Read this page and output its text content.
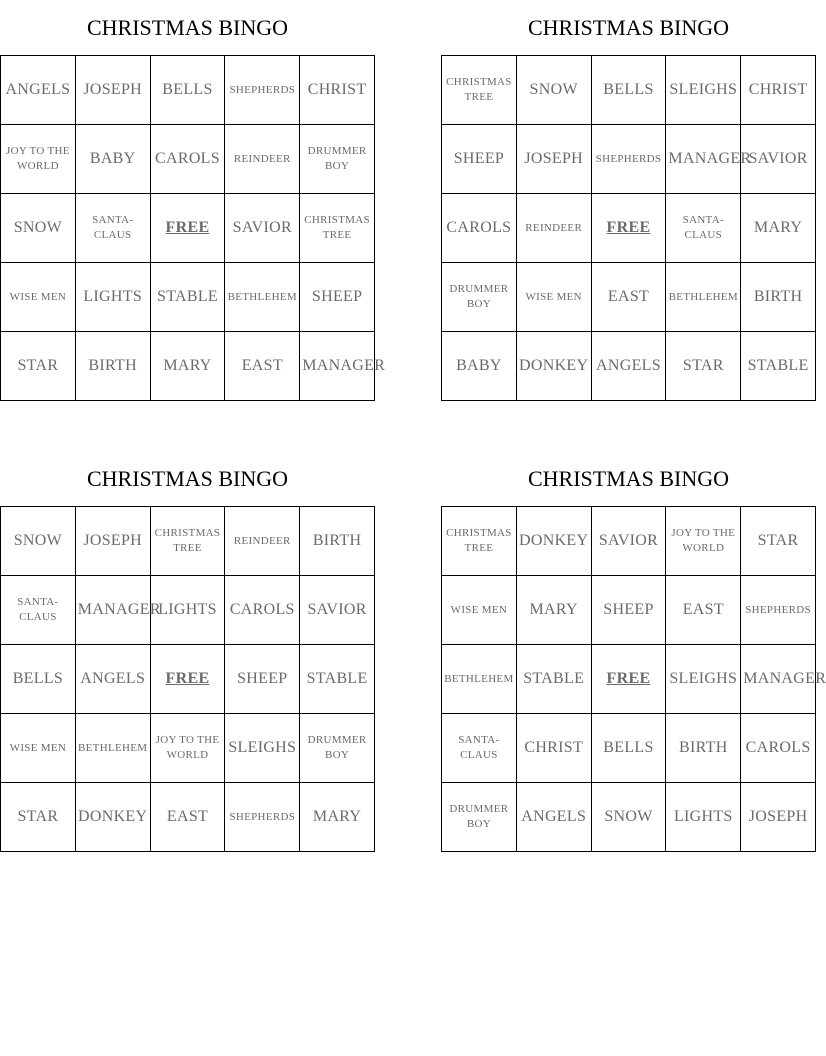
CHRISTMAS BINGO
ANGELS	JOSEPH	BELLS	SHEPHERDS	CHRIST
JOY TO THE WORLD	BABY	CAROLS	REINDEER	DRUMMER BOY
SNOW	SANTA-CLAUS	FREE	SAVIOR	CHRISTMAS TREE
WISE MEN	LIGHTS	STABLE	BETHLEHEM	SHEEP
STAR	BIRTH	MARY	EAST	MANAGER
CHRISTMAS BINGO
CHRISTMAS TREE	SNOW	BELLS	SLEIGHS	CHRIST
SHEEP	JOSEPH	SHEPHERDS	MANAGER	SAVIOR
CAROLS	REINDEER	FREE	SANTA-CLAUS	MARY
DRUMMER BOY	WISE MEN	EAST	BETHLEHEM	BIRTH
BABY	DONKEY	ANGELS	STAR	STABLE
CHRISTMAS BINGO
SNOW	JOSEPH	CHRISTMAS TREE	REINDEER	BIRTH
SANTA-CLAUS	MANAGER	LIGHTS	CAROLS	SAVIOR
BELLS	ANGELS	FREE	SHEEP	STABLE
WISE MEN	BETHLEHEM	JOY TO THE WORLD	SLEIGHS	DRUMMER BOY
STAR	DONKEY	EAST	SHEPHERDS	MARY
CHRISTMAS BINGO
CHRISTMAS TREE	DONKEY	SAVIOR	JOY TO THE WORLD	STAR
WISE MEN	MARY	SHEEP	EAST	SHEPHERDS
BETHLEHEM	STABLE	FREE	SLEIGHS	MANAGER
SANTA-CLAUS	CHRIST	BELLS	BIRTH	CAROLS
DRUMMER BOY	ANGELS	SNOW	LIGHTS	JOSEPH
